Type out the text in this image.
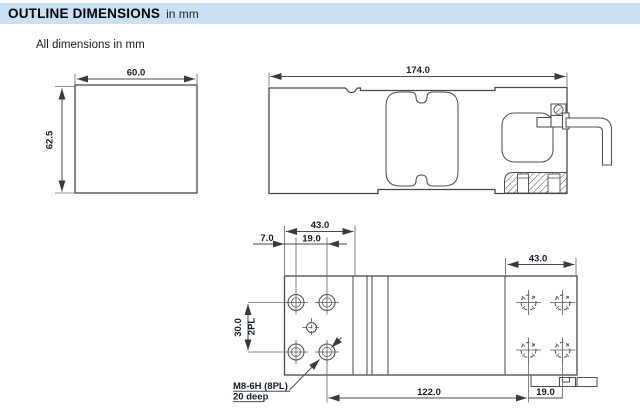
OUTLINE DIMENSIONS in mm
All dimensions in mm
60.0
62.5
174.0
43.0
7.0	19.0
43.0
30.0 2PL
M8-6H (8PL)
20 deep	122.0	19.0
